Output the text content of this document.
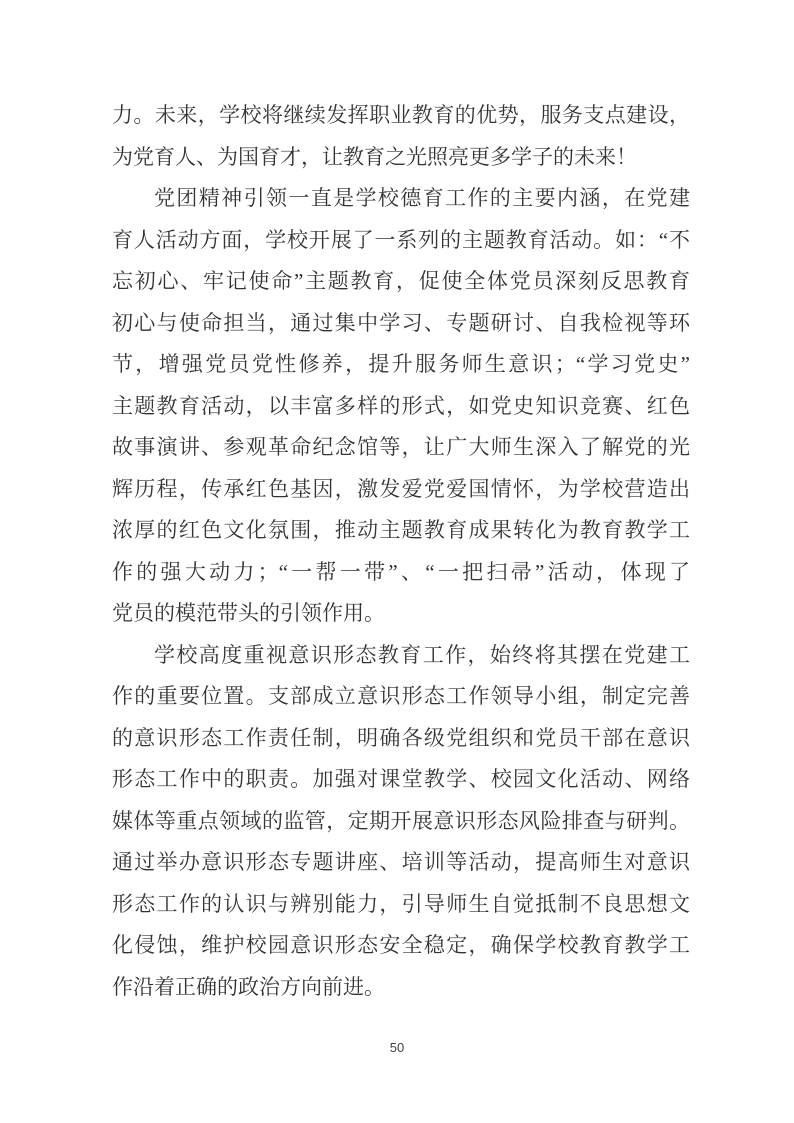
力。未来，学校将继续发挥职业教育的优势，服务支点建设，
为党育人、为国育才，让教育之光照亮更多学子的未来！
党团精神引领一直是学校德育工作的主要内涵，在党建
育人活动方面，学校开展了一系列的主题教育活动。如：“不
忘初心、牢记使命”主题教育，促使全体党员深刻反思教育
初心与使命担当，通过集中学习、专题研讨、自我检视等环
节，增强党员党性修养，提升服务师生意识；“学习党史”
主题教育活动，以丰富多样的形式，如党史知识竞赛、红色
故事演讲、参观革命纪念馆等，让广大师生深入了解党的光
辉历程，传承红色基因，激发爱党爱国情怀，为学校营造出
浓厚的红色文化氛围，推动主题教育成果转化为教育教学工
作的强大动力；“一帮一带”、“一把扫帚”活动，体现了
党员的模范带头的引领作用。
学校高度重视意识形态教育工作，始终将其摆在党建工
作的重要位置。支部成立意识形态工作领导小组，制定完善
的意识形态工作责任制，明确各级党组织和党员干部在意识
形态工作中的职责。加强对课堂教学、校园文化活动、网络
媒体等重点领域的监管，定期开展意识形态风险排查与研判。
通过举办意识形态专题讲座、培训等活动，提高师生对意识
形态工作的认识与辨别能力，引导师生自觉抵制不良思想文
化侵蚀，维护校园意识形态安全稳定，确保学校教育教学工
作沿着正确的政治方向前进。
50
